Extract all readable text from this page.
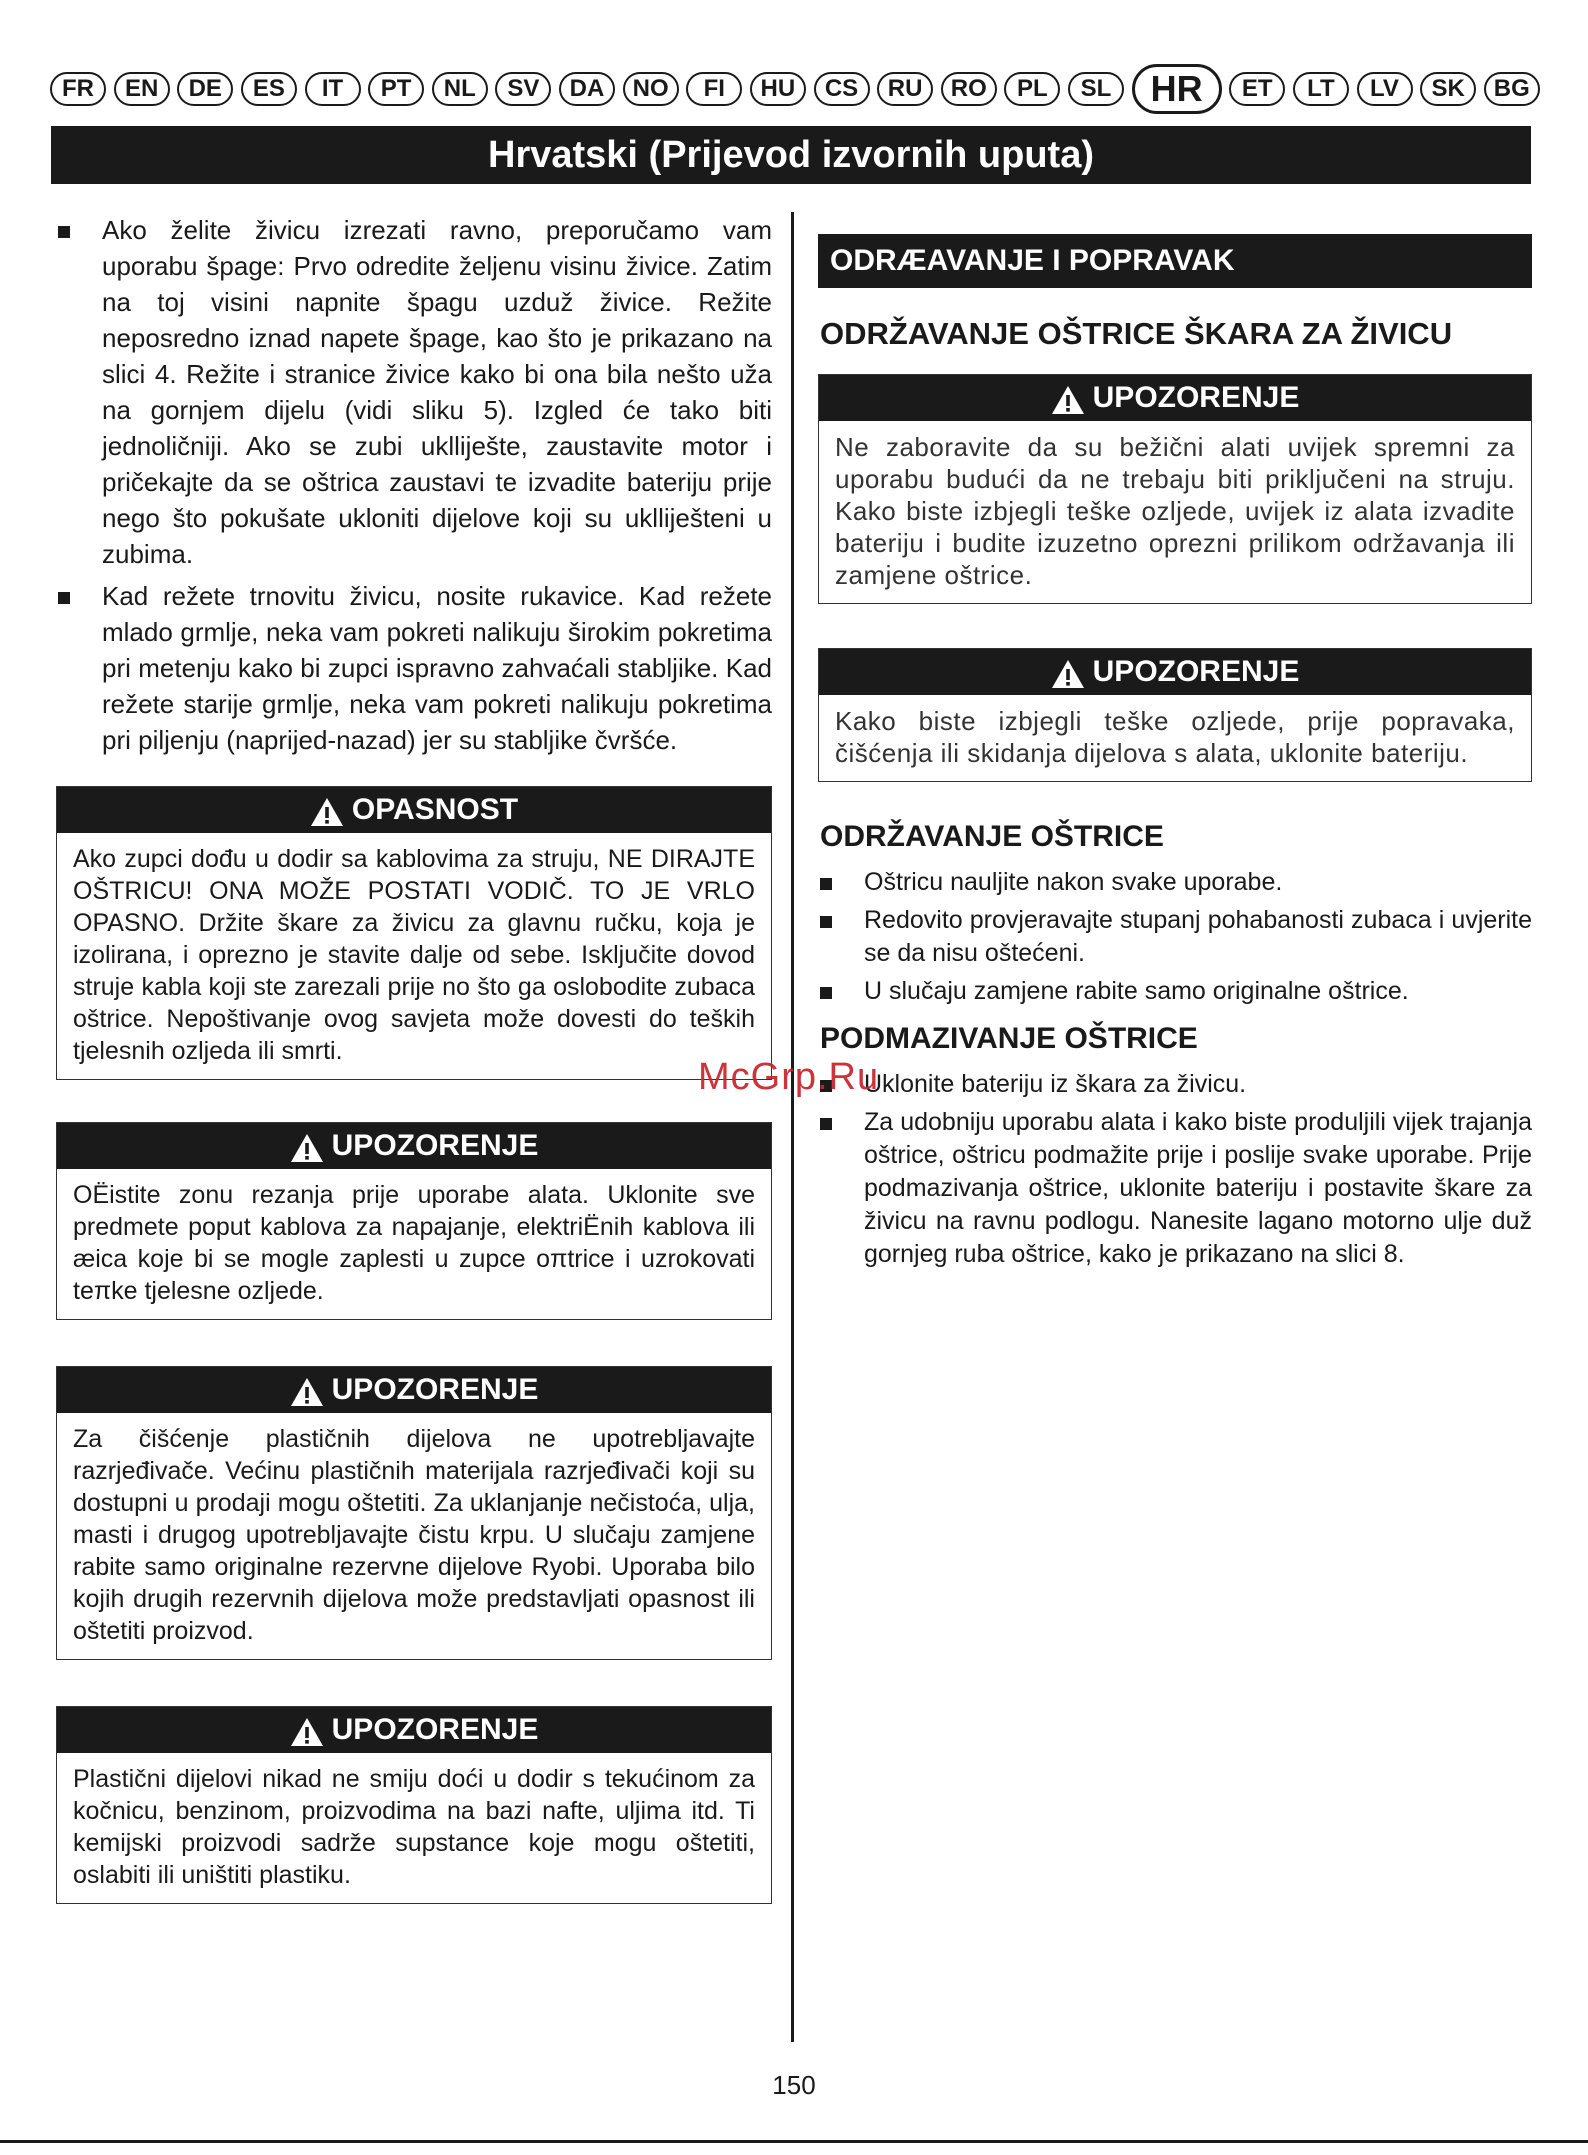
FR	EN	DE	ES	IT	PT	NL	SV	DA	NO	FI	HU	CS	RU	RO	PL	SL	HR	ET	LT	LV	SK	BG
Hrvatski (Prijevod izvornih uputa)
Ako želite živicu izrezati ravno, preporučamo vam uporabu špage: Prvo odredite željenu visinu živice. Zatim na toj visini napnite špagu uzduž živice. Režite neposredno iznad napete špage, kao što je prikazano na slici 4. Režite i stranice živice kako bi ona bila nešto uža na gornjem dijelu (vidi sliku 5). Izgled će tako biti jednoličniji. Ako se zubi uklliješte, zaustavite motor i pričekajte da se oštrica zaustavi te izvadite bateriju prije nego što pokušate ukloniti dijelove koji su uklliješteni u zubima.
Kad režete trnovitu živicu, nosite rukavice. Kad režete mlado grmlje, neka vam pokreti nalikuju širokim pokretima pri metenju kako bi zupci ispravno zahvaćali stabljike. Kad režete starije grmlje, neka vam pokreti nalikuju pokretima pri piljenju (naprijed-nazad) jer su stabljike čvršće.
OPASNOST
Ako zupci dođu u dodir sa kablovima za struju, NE DIRAJTE OŠTRICU! ONA MOŽE POSTATI VODIČ. TO JE VRLO OPASNO. Držite škare za živicu za glavnu ručku, koja je izolirana, i oprezno je stavite dalje od sebe. Isključite dovod struje kabla koji ste zarezali prije no što ga oslobodite zubaca oštrice. Nepoštivanje ovog savjeta može dovesti do teških tjelesnih ozljeda ili smrti.
UPOZORENJE
OËistite zonu rezanja prije uporabe alata. Uklonite sve predmete poput kablova za napajanje, elektriËnih kablova ili æica koje bi se mogle zaplesti u zupce oπtrice i uzrokovati teπke tjelesne ozljede.
UPOZORENJE
Za čišćenje plastičnih dijelova ne upotrebljavajte razrjeđivače. Većinu plastičnih materijala razrjeđivači koji su dostupni u prodaji mogu oštetiti. Za uklanjanje nečistoća, ulja, masti i drugog upotrebljavajte čistu krpu. U slučaju zamjene rabite samo originalne rezervne dijelove Ryobi. Uporaba bilo kojih drugih rezervnih dijelova može predstavljati opasnost ili oštetiti proizvod.
UPOZORENJE
Plastični dijelovi nikad ne smiju doći u dodir s tekućinom za kočnicu, benzinom, proizvodima na bazi nafte, uljima itd. Ti kemijski proizvodi sadrže supstance koje mogu oštetiti, oslabiti ili uništiti plastiku.
ODRÆAVANJE I POPRAVAK
ODRŽAVANJE OŠTRICE ŠKARA ZA ŽIVICU
UPOZORENJE
Ne zaboravite da su bežični alati uvijek spremni za uporabu budući da ne trebaju biti priključeni na struju. Kako biste izbjegli teške ozljede, uvijek iz alata izvadite bateriju i budite izuzetno oprezni prilikom održavanja ili zamjene oštrice.
UPOZORENJE
Kako biste izbjegli teške ozljede, prije popravaka, čišćenja ili skidanja dijelova s alata, uklonite bateriju.
ODRŽAVANJE OŠTRICE
Oštricu nauljite nakon svake uporabe.
Redovito provjeravajte stupanj pohabanosti zubaca i uvjerite se da nisu oštećeni.
U slučaju zamjene rabite samo originalne oštrice.
PODMAZIVANJE OŠTRICE
Uklonite bateriju iz škara za živicu.
Za udobniju uporabu alata i kako biste produljili vijek trajanja oštrice, oštricu podmažite prije i poslije svake uporabe. Prije podmazivanja oštrice, uklonite bateriju i postavite škare za živicu na ravnu podlogu. Nanesite lagano motorno ulje duž gornjeg ruba oštrice, kako je prikazano na slici 8.
McGrp.Ru
150
